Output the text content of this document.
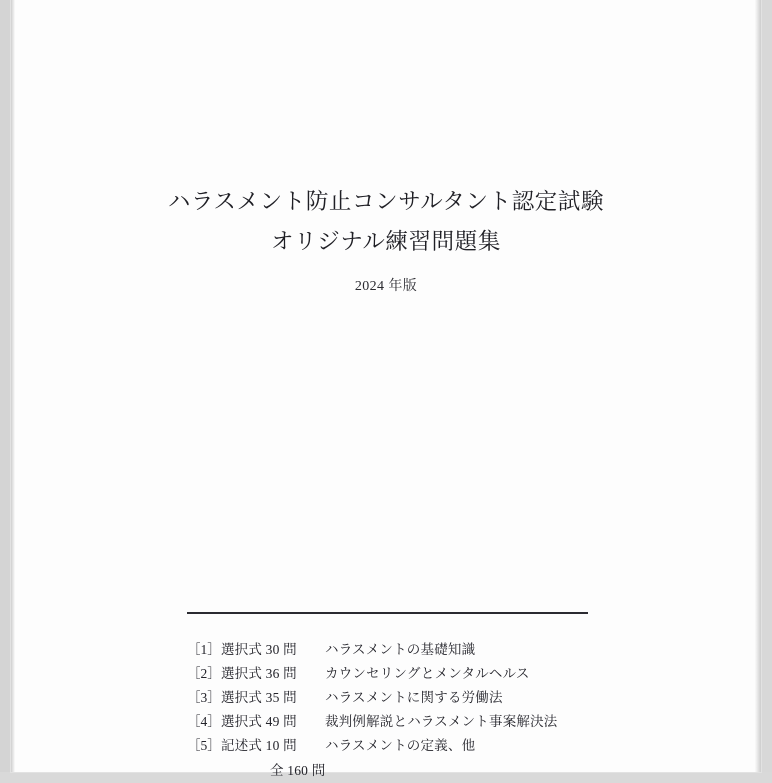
ハラスメント防止コンサルタント認定試験
オリジナル練習問題集
2024 年版
［1］ 選択式 30 問	ハラスメントの基礎知識
［2］ 選択式 36 問	カウンセリングとメンタルヘルス
［3］ 選択式 35 問	ハラスメントに関する労働法
［4］ 選択式 49 問	裁判例解説とハラスメント事案解決法
［5］ 記述式 10 問	ハラスメントの定義、他
全 160 問
